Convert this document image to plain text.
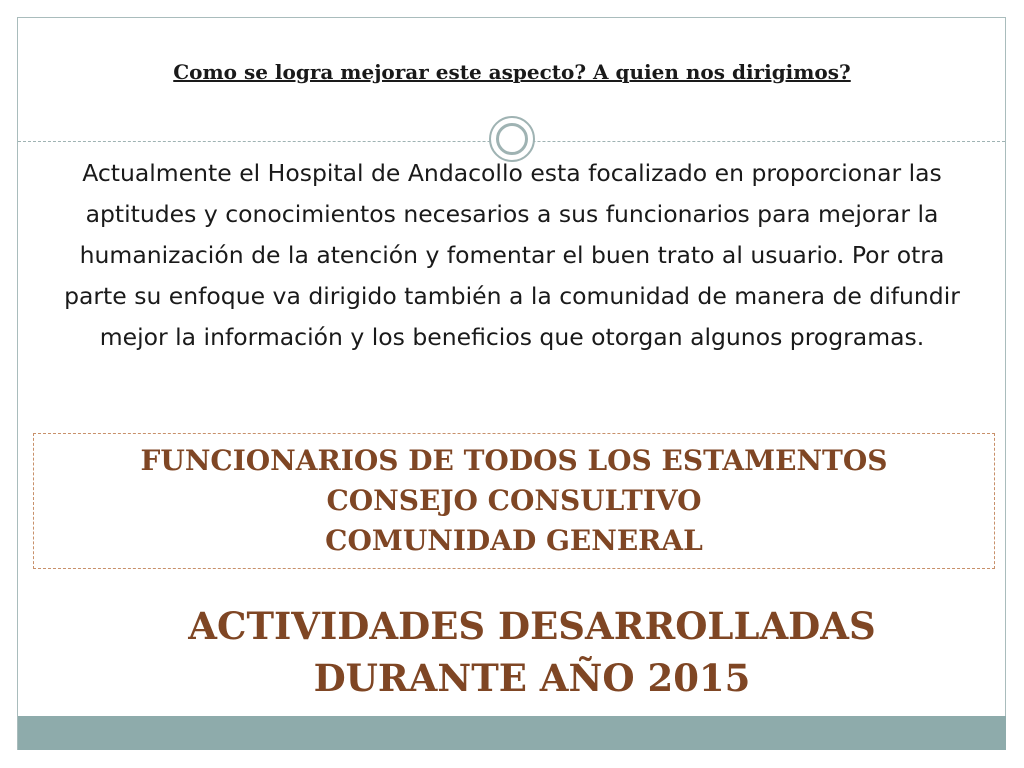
Como se logra mejorar este aspecto? A quien nos dirigimos?
Actualmente el Hospital de Andacollo esta focalizado en proporcionar las aptitudes y conocimientos necesarios a sus funcionarios para mejorar la humanización de la atención y fomentar el buen trato al usuario. Por otra parte su enfoque va dirigido también a la comunidad de manera de difundir mejor la información y los beneficios que otorgan algunos programas.
FUNCIONARIOS DE TODOS LOS ESTAMENTOS
CONSEJO CONSULTIVO
COMUNIDAD GENERAL
ACTIVIDADES DESARROLLADAS
DURANTE AÑO 2015
